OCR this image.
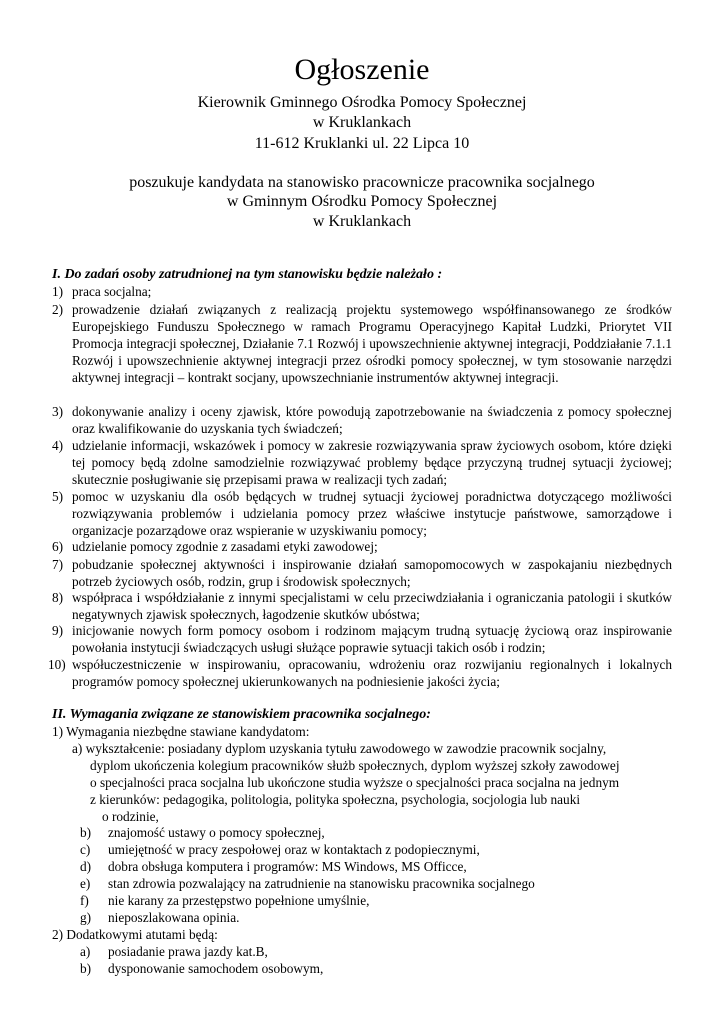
Ogłoszenie
Kierownik Gminnego Ośrodka Pomocy Społecznej
w Kruklankach
11-612 Kruklanki ul. 22 Lipca 10
poszukuje kandydata na stanowisko pracownicze pracownika socjalnego
w Gminnym Ośrodku Pomocy Społecznej
w Kruklankach
I. Do zadań osoby zatrudnionej na tym stanowisku będzie należało :
1) praca socjalna;
2) prowadzenie działań związanych z realizacją projektu systemowego współfinansowanego ze środków Europejskiego Funduszu Społecznego w ramach Programu Operacyjnego Kapitał Ludzki, Priorytet VII Promocja integracji społecznej, Działanie 7.1 Rozwój i upowszechnienie aktywnej integracji, Poddziałanie 7.1.1 Rozwój i upowszechnienie aktywnej integracji przez ośrodki pomocy społecznej, w tym stosowanie narzędzi aktywnej integracji – kontrakt socjany, upowszechnianie instrumentów aktywnej integracji.
3) dokonywanie analizy i oceny zjawisk, które powodują zapotrzebowanie na świadczenia z pomocy społecznej oraz kwalifikowanie do uzyskania tych świadczeń;
4) udzielanie informacji, wskazówek i pomocy w zakresie rozwiązywania spraw życiowych osobom, które dzięki tej pomocy będą zdolne samodzielnie rozwiązywać problemy będące przyczyną trudnej sytuacji życiowej; skutecznie posługiwanie się przepisami prawa w realizacji tych zadań;
5) pomoc w uzyskaniu dla osób będących w trudnej sytuacji życiowej poradnictwa dotyczącego możliwości rozwiązywania problemów i udzielania pomocy przez właściwe instytucje państwowe, samorządowe i organizacje pozarządowe oraz wspieranie w uzyskiwaniu pomocy;
6) udzielanie pomocy zgodnie z zasadami etyki zawodowej;
7) pobudzanie społecznej aktywności i inspirowanie działań samopomocowych w zaspokajaniu niezbędnych potrzeb życiowych osób, rodzin, grup i środowisk społecznych;
8) współpraca i współdziałanie z innymi specjalistami w celu przeciwdziałania i ograniczania patologii i skutków negatywnych zjawisk społecznych, łagodzenie skutków ubóstwa;
9) inicjowanie nowych form pomocy osobom i rodzinom mającym trudną sytuację życiową oraz inspirowanie powołania instytucji świadczących usługi służące poprawie sytuacji takich osób i rodzin;
10) współuczestniczenie w inspirowaniu, opracowaniu, wdrożeniu oraz rozwijaniu regionalnych i lokalnych programów pomocy społecznej ukierunkowanych na podniesienie jakości życia;
II. Wymagania związane ze stanowiskiem pracownika socjalnego:
1) Wymagania niezbędne stawiane kandydatom:
a) wykształcenie: posiadany dyplom uzyskania tytułu zawodowego w zawodzie pracownik socjalny,
dyplom ukończenia kolegium pracowników służb społecznych, dyplom wyższej szkoły zawodowej
o specjalności praca socjalna lub ukończone studia wyższe o specjalności praca socjalna na jednym
z kierunków: pedagogika, politologia, polityka społeczna, psychologia, socjologia lub nauki
o rodzinie,
b) znajomość ustawy o pomocy społecznej,
c) umiejętność w pracy zespołowej oraz w kontaktach z podopiecznymi,
d) dobra obsługa komputera i programów: MS Windows, MS Officce,
e) stan zdrowia pozwalający na zatrudnienie na stanowisku pracownika socjalnego
f) nie karany za przestępstwo popełnione umyślnie,
g) nieposzlakowana opinia.
2) Dodatkowymi atutami będą:
a) posiadanie prawa jazdy kat.B,
b) dysponowanie samochodem osobowym,
